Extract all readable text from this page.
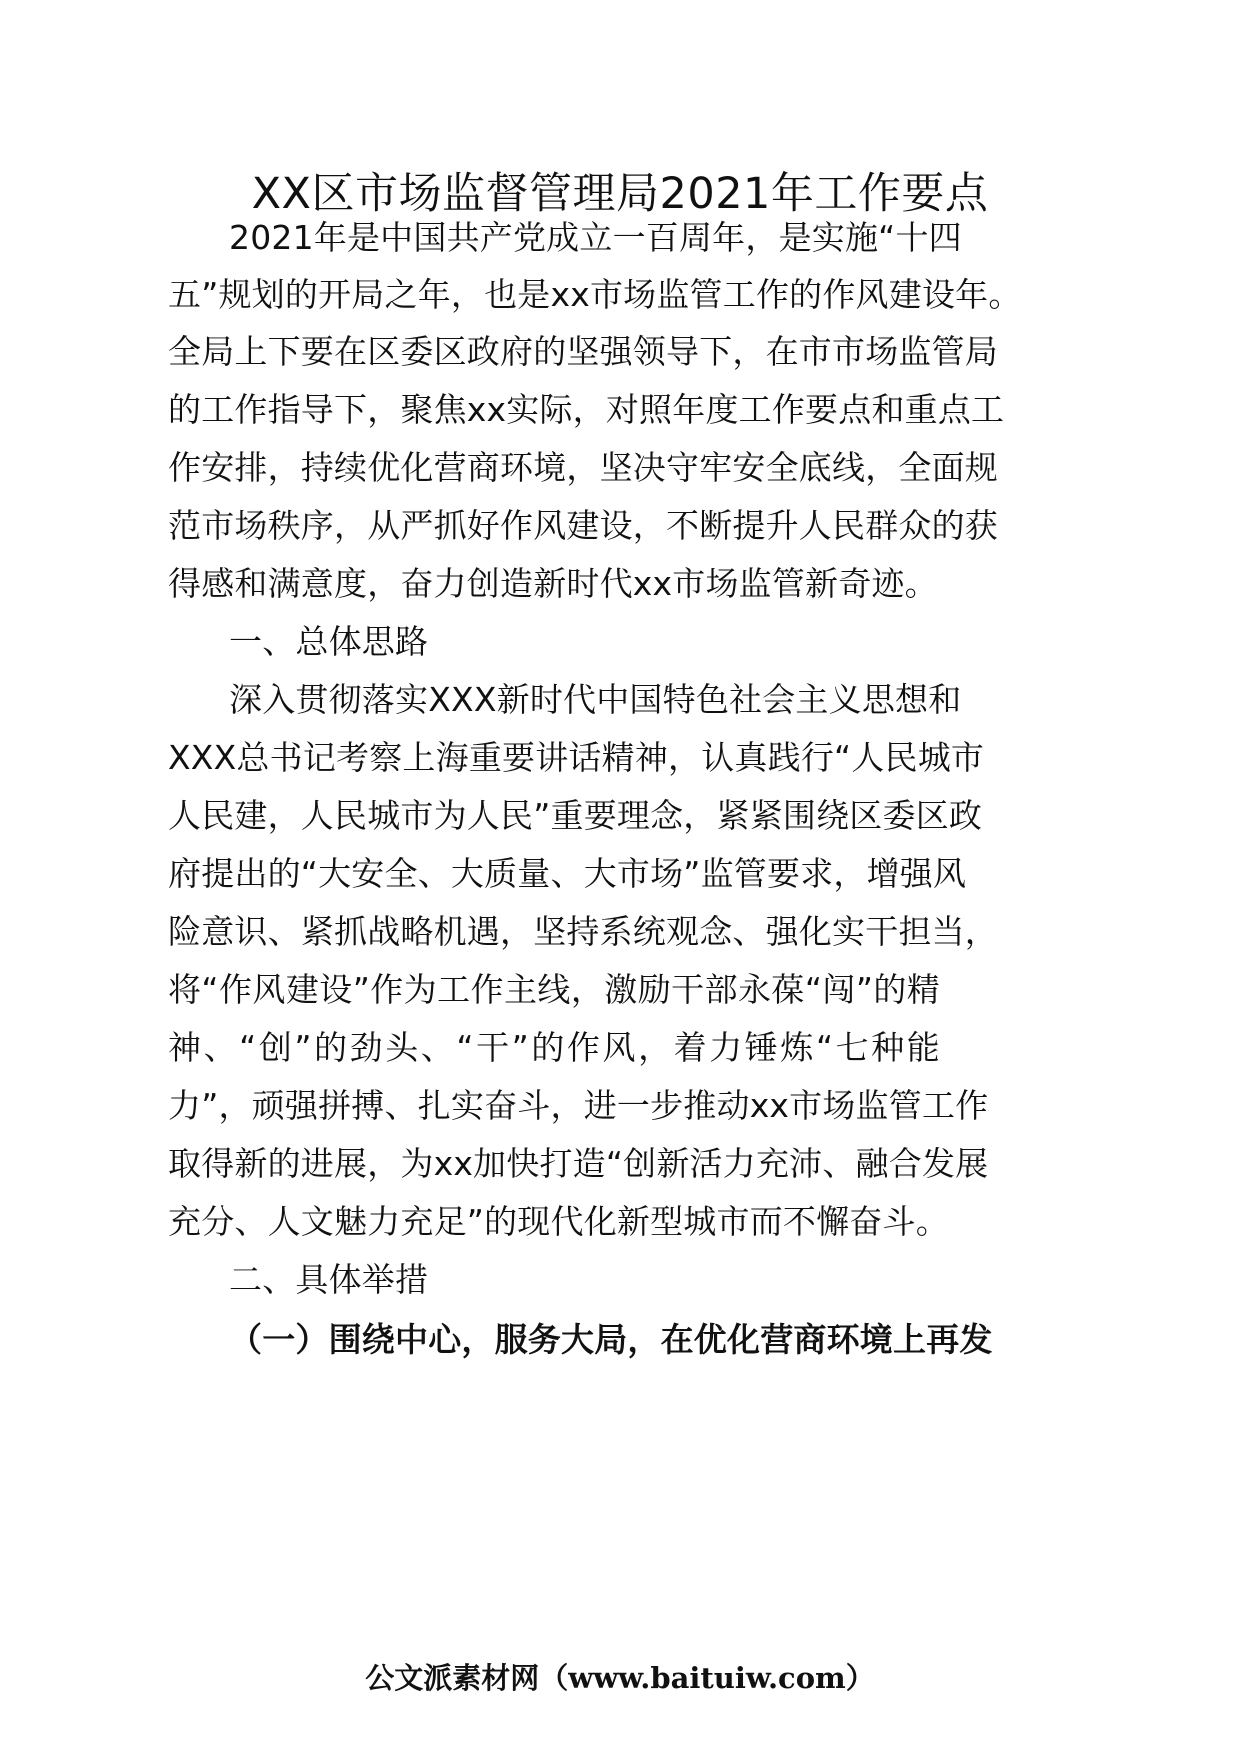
XX区市场监督管理局2021年工作要点
2021年是中国共产党成立一百周年，是实施“十四
五”规划的开局之年，也是xx市场监管工作的作风建设年。
全局上下要在区委区政府的坚强领导下，在市市场监管局
的工作指导下，聚焦xx实际，对照年度工作要点和重点工
作安排，持续优化营商环境，坚决守牢安全底线，全面规
范市场秩序，从严抓好作风建设，不断提升人民群众的获
得感和满意度，奋力创造新时代xx市场监管新奇迹。
一、总体思路
深入贯彻落实XXX新时代中国特色社会主义思想和
XXX总书记考察上海重要讲话精神，认真践行“人民城市
人民建，人民城市为人民”重要理念，紧紧围绕区委区政
府提出的“大安全、大质量、大市场”监管要求，增强风
险意识、紧抓战略机遇，坚持系统观念、强化实干担当，
将“作风建设”作为工作主线，激励干部永葆“闯”的精
神、“创”的劲头、“干”的作风，着力锤炼“七种能
力”，顽强拼搏、扎实奋斗，进一步推动xx市场监管工作
取得新的进展，为xx加快打造“创新活力充沛、融合发展
充分、人文魅力充足”的现代化新型城市而不懈奋斗。
二、具体举措
（一）围绕中心，服务大局，在优化营商环境上再发
公文派素材网（www.baituiw.com）
